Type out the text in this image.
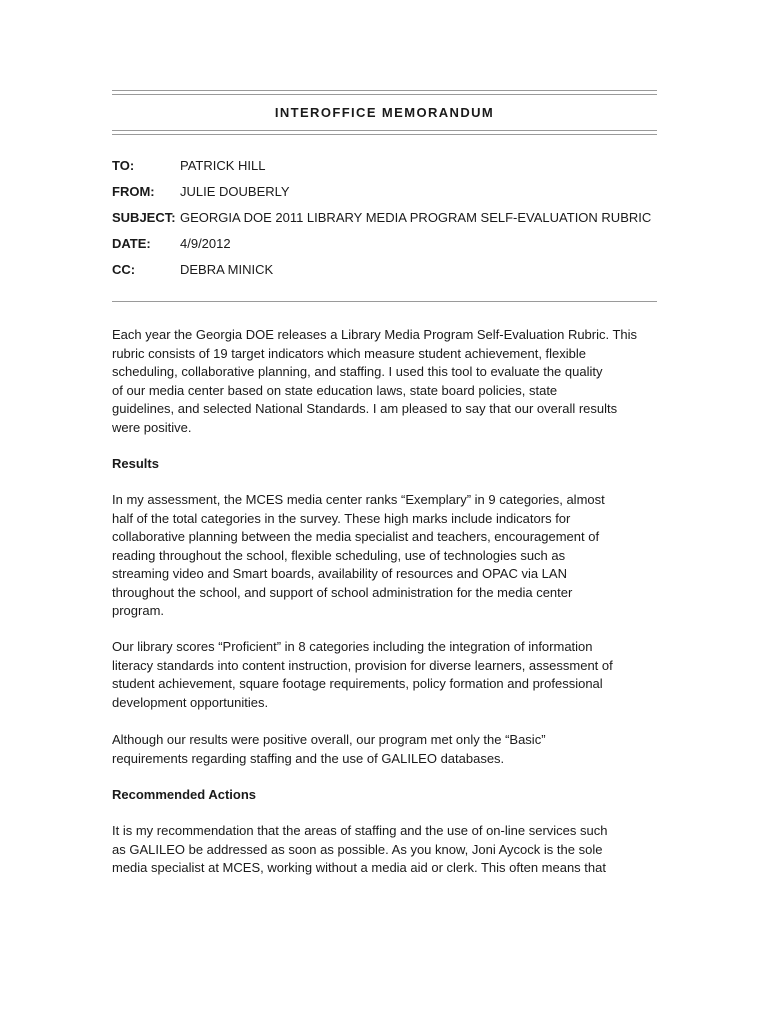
INTEROFFICE MEMORANDUM
TO:	PATRICK HILL
FROM: JULIE DOUBERLY
SUBJECT: GEORGIA DOE 2011 LIBRARY MEDIA PROGRAM SELF-EVALUATION RUBRIC
DATE: 4/9/2012
CC:	DEBRA MINICK
Each year the Georgia DOE releases a Library Media Program Self-Evaluation Rubric. This
rubric consists of 19 target indicators which measure student achievement, flexible
scheduling, collaborative planning, and staffing. I used this tool to evaluate the quality
of our media center based on state education laws, state board policies, state
guidelines, and selected National Standards. I am pleased to say that our overall results
were positive.
Results
In my assessment, the MCES media center ranks “Exemplary” in 9 categories, almost
half of the total categories in the survey. These high marks include indicators for
collaborative planning between the media specialist and teachers, encouragement of
reading throughout the school, flexible scheduling, use of technologies such as
streaming video and Smart boards, availability of resources and OPAC via LAN
throughout the school, and support of school administration for the media center
program.
Our library scores “Proficient” in 8 categories including the integration of information
literacy standards into content instruction, provision for diverse learners, assessment of
student achievement, square footage requirements, policy formation and professional
development opportunities.
Although our results were positive overall, our program met only the “Basic”
requirements regarding staffing and the use of GALILEO databases.
Recommended Actions
It is my recommendation that the areas of staffing and the use of on-line services such
as GALILEO be addressed as soon as possible. As you know, Joni Aycock is the sole
media specialist at MCES, working without a media aid or clerk. This often means that
